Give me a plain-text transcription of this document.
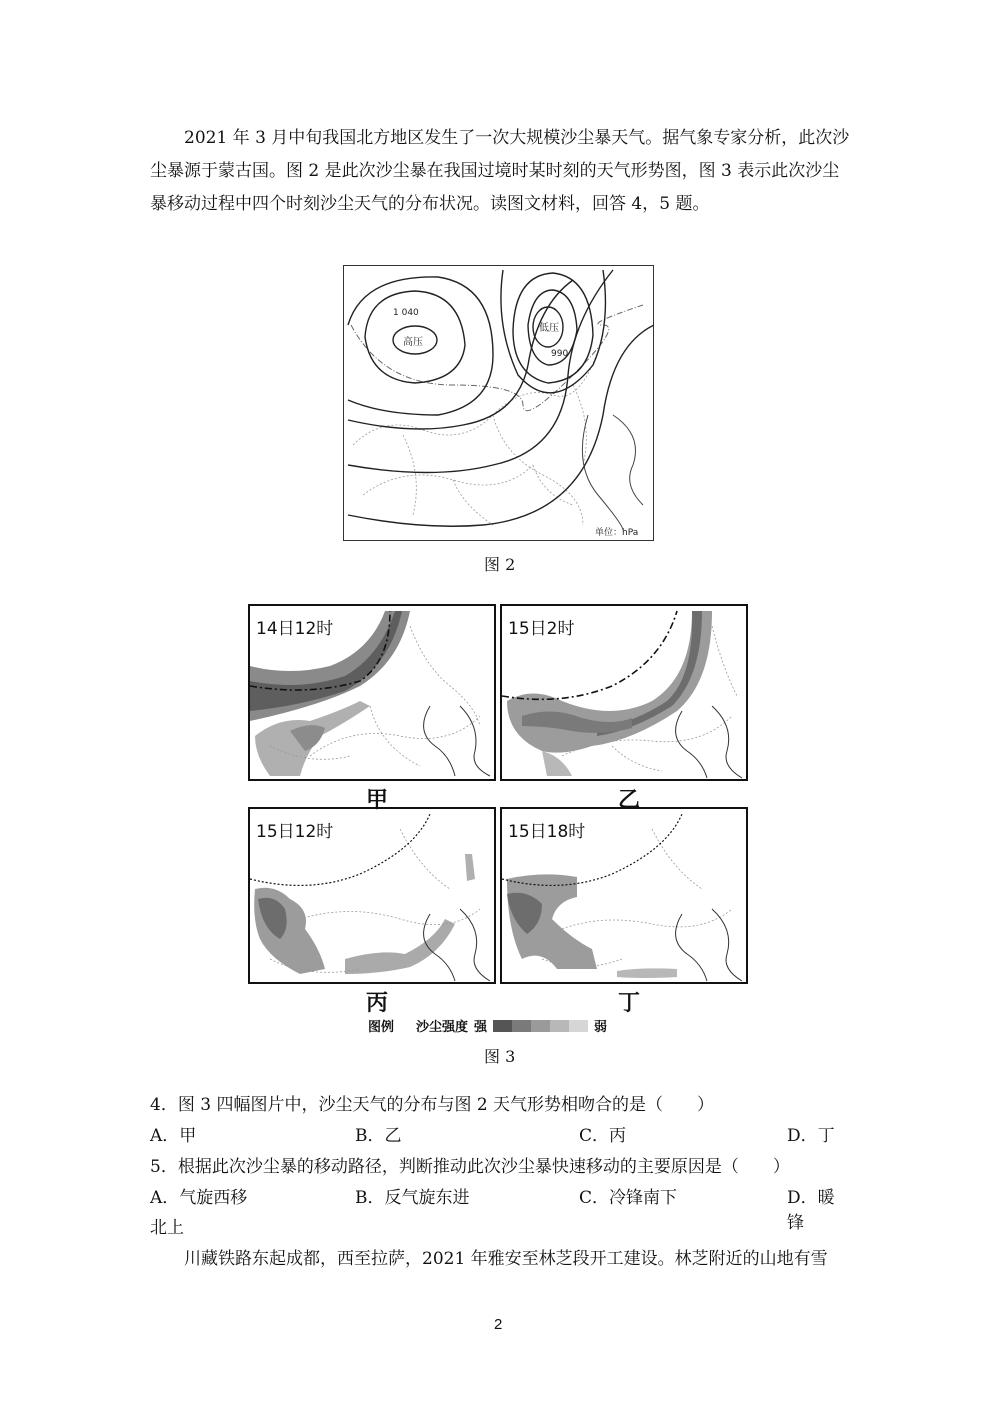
2021 年 3 月中旬我国北方地区发生了一次大规模沙尘暴天气。据气象专家分析，此次沙尘暴源于蒙古国。图 2 是此次沙尘暴在我国过境时某时刻的天气形势图，图 3 表示此次沙尘暴移动过程中四个时刻沙尘天气的分布状况。读图文材料，回答 4，5 题。

1 040
高压
低压
990
单位：hPa
图 2
14日12时	15日2时
15日12时	15日18时
甲	乙
丙	丁
图例 沙尘强度 强	弱
图 3

4．图 3 四幅图片中，沙尘天气的分布与图 2 天气形势相吻合的是（　　）

A．甲	B．乙	C．丙	D．丁

5．根据此次沙尘暴的移动路径，判断推动此次沙尘暴快速移动的主要原因是（　　）

A．气旋西移	B．反气旋东进	C．冷锋南下	D．暖锋
北上

川藏铁路东起成都，西至拉萨，2021 年雅安至林芝段开工建设。林芝附近的山地有雪

2
